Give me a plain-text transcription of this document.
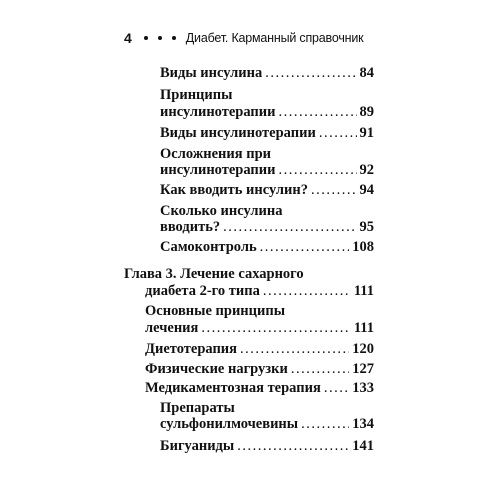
4	Диабет. Карманный справочник
Виды инсулина .....	84
Принципы
инсулинотерапии .....	89
Виды инсулинотерапии .....	91
Осложнения при
инсулинотерапии .....	92
Как вводить инсулин? .....	94
Сколько инсулина
вводить? .....	95
Самоконтроль .....	108
Глава 3. Лечение сахарного
диабета 2-го типа .....	111
Основные принципы
лечения .....	111
Диетотерапия .....	120
Физические нагрузки .....	127
Медикаментозная терапия ..... 133
Препараты
сульфонилмочевины .....	134
Бигуаниды .....	141
